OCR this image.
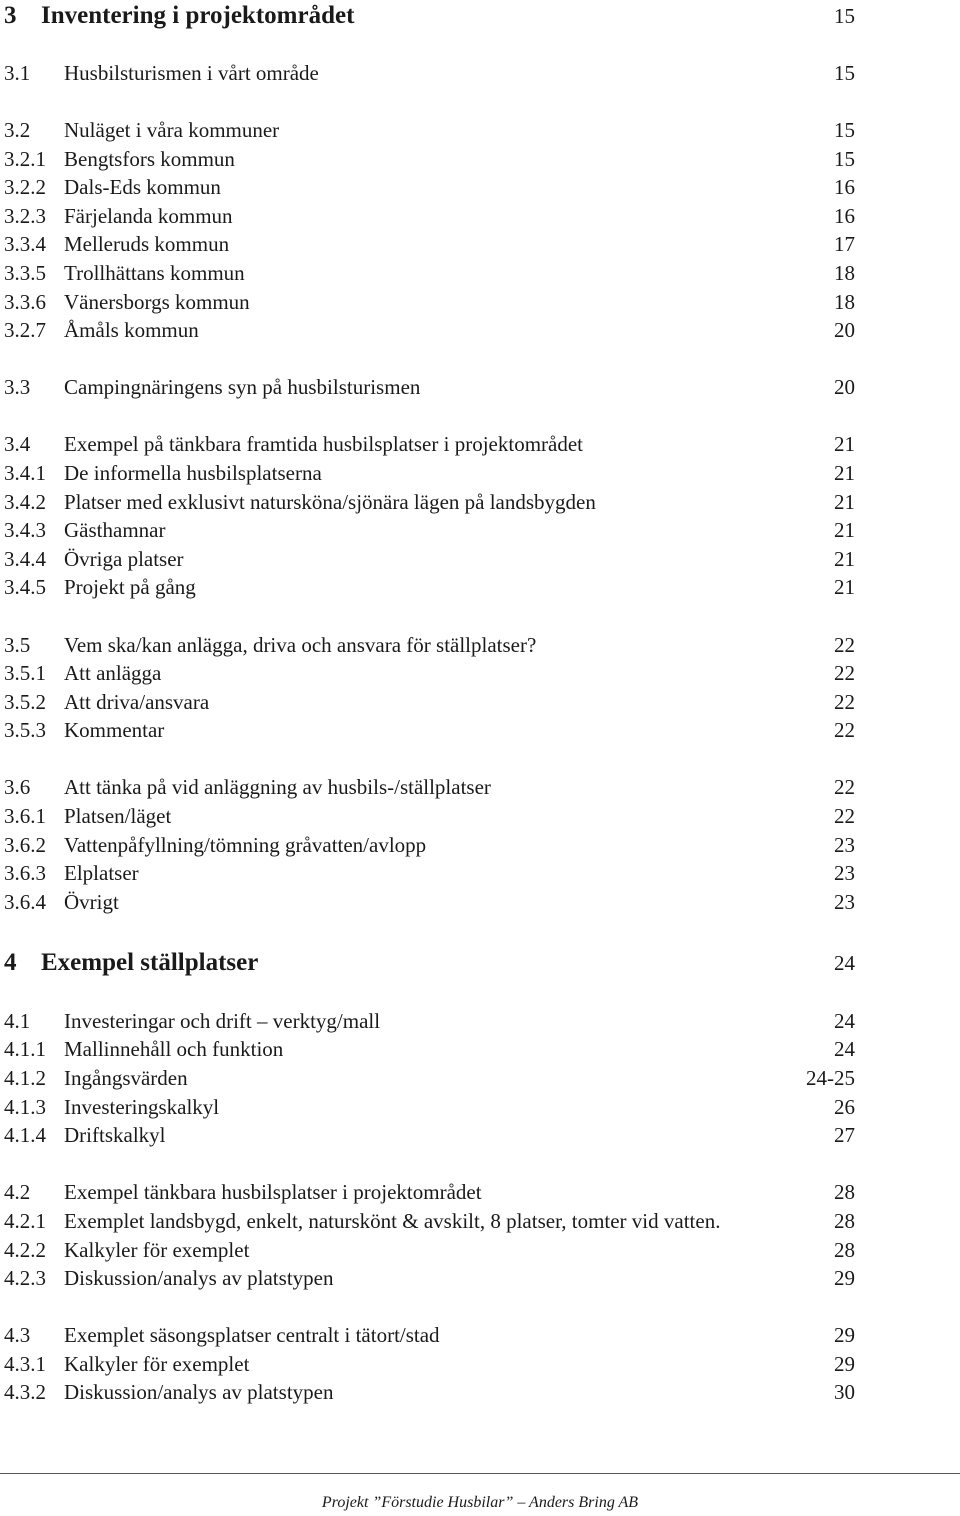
3 Inventering i projektområdet	15
3.1 Husbilsturismen i vårt område	15
3.2 Nuläget i våra kommuner	15
3.2.1 Bengtsfors kommun	15
3.2.2 Dals-Eds kommun	16
3.2.3 Färjelanda kommun	16
3.3.4 Melleruds kommun	17
3.3.5 Trollhättans kommun	18
3.3.6 Vänersborgs kommun	18
3.2.7 Åmåls kommun	20
3.3 Campingnäringens syn på husbilsturismen	20
3.4 Exempel på tänkbara framtida husbilsplatser i projektområdet	21
3.4.1 De informella husbilsplatserna	21
3.4.2 Platser med exklusivt natursköna/sjönära lägen på landsbygden	21
3.4.3 Gästhamnar	21
3.4.4 Övriga platser	21
3.4.5 Projekt på gång	21
3.5 Vem ska/kan anlägga, driva och ansvara för ställplatser?	22
3.5.1 Att anlägga	22
3.5.2 Att driva/ansvara	22
3.5.3 Kommentar	22
3.6 Att tänka på vid anläggning av husbils-/ställplatser	22
3.6.1 Platsen/läget	22
3.6.2 Vattenpåfyllning/tömning gråvatten/avlopp	23
3.6.3 Elplatser	23
3.6.4 Övrigt	23
4 Exempel ställplatser	24
4.1 Investeringar och drift – verktyg/mall	24
4.1.1 Mallinnehåll och funktion	24
4.1.2 Ingångsvärden	24-25
4.1.3 Investeringskalkyl	26
4.1.4 Driftskalkyl	27
4.2 Exempel tänkbara husbilsplatser i projektområdet	28
4.2.1 Exemplet landsbygd, enkelt, naturskönt & avskilt, 8 platser, tomter vid vatten.	28
4.2.2 Kalkyler för exemplet	28
4.2.3 Diskussion/analys av platstypen	29
4.3 Exemplet säsongsplatser centralt i tätort/stad	29
4.3.1 Kalkyler för exemplet	29
4.3.2 Diskussion/analys av platstypen	30
Projekt ”Förstudie Husbilar” – Anders Bring AB
